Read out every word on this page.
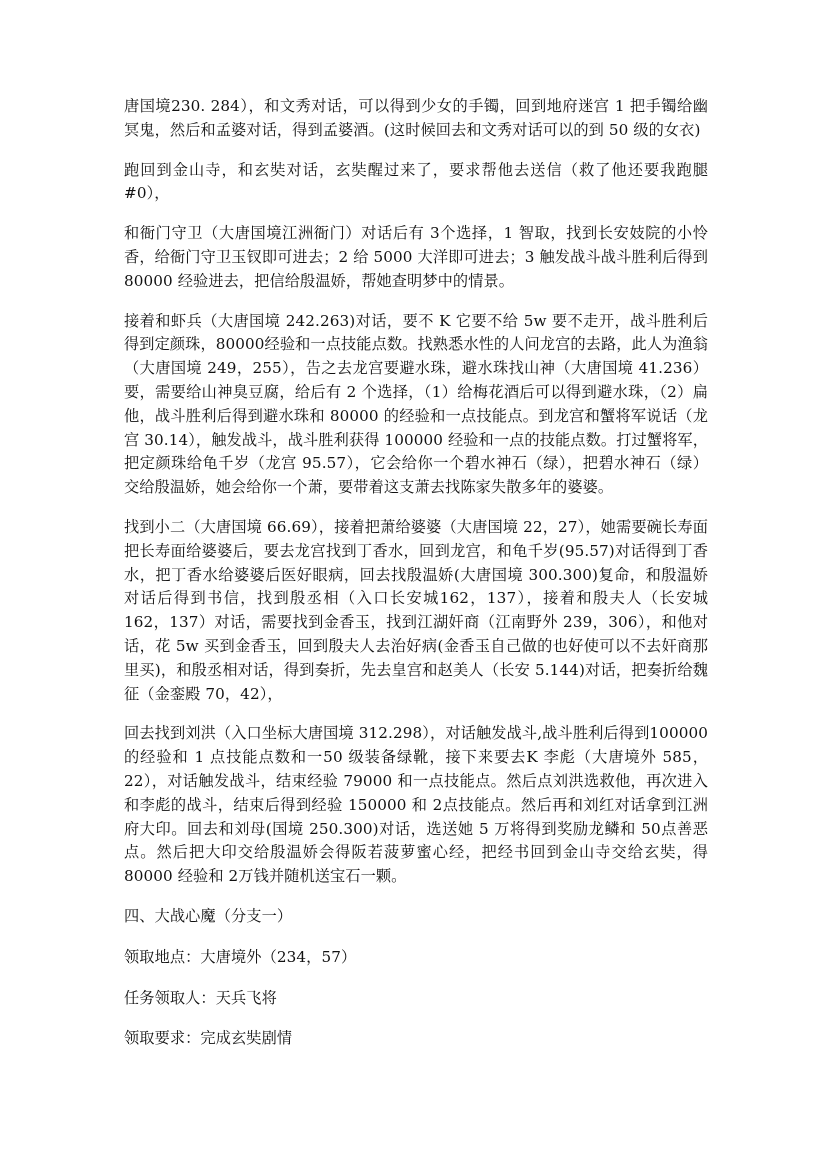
唐国境230. 284），和文秀对话，可以得到少女的手镯，回到地府迷宫 1 把手镯给幽冥鬼，然后和孟婆对话，得到孟婆酒。(这时候回去和文秀对话可以的到 50 级的女衣)

跑回到金山寺，和玄奘对话，玄奘醒过来了，要求帮他去送信（救了他还要我跑腿#0），

和衙门守卫（大唐国境江洲衙门）对话后有 3个选择，1 智取，找到长安妓院的小怜香，给衙门守卫玉钗即可进去；2 给 5000 大洋即可进去；3 触发战斗战斗胜利后得到 80000 经验进去，把信给殷温娇，帮她查明梦中的情景。

接着和虾兵（大唐国境 242.263)对话，要不 K 它要不给 5w 要不走开，战斗胜利后得到定颜珠，80000经验和一点技能点数。找熟悉水性的人问龙宫的去路，此人为渔翁（大唐国境 249，255），告之去龙宫要避水珠，避水珠找山神（大唐国境 41.236）要，需要给山神臭豆腐，给后有 2 个选择，（1）给梅花酒后可以得到避水珠，（2）扁他，战斗胜利后得到避水珠和 80000 的经验和一点技能点。到龙宫和蟹将军说话（龙宫 30.14），触发战斗，战斗胜利获得 100000 经验和一点的技能点数。打过蟹将军，把定颜珠给龟千岁（龙宫 95.57），它会给你一个碧水神石（绿），把碧水神石（绿）交给殷温娇，她会给你一个萧，要带着这支萧去找陈家失散多年的婆婆。

找到小二（大唐国境 66.69），接着把萧给婆婆（大唐国境 22，27），她需要碗长寿面把长寿面给婆婆后，要去龙宫找到丁香水，回到龙宫，和龟千岁(95.57)对话得到丁香水，把丁香水给婆婆后医好眼病，回去找殷温娇(大唐国境 300.300)复命，和殷温娇对话后得到书信，找到殷丞相（入口长安城162，137），接着和殷夫人（长安城 162，137）对话，需要找到金香玉，找到江湖奸商（江南野外 239，306），和他对话，花 5w 买到金香玉，回到殷夫人去治好病(金香玉自己做的也好使可以不去奸商那里买)，和殷丞相对话，得到奏折，先去皇宫和赵美人（长安 5.144)对话，把奏折给魏征（金銮殿 70，42），

回去找到刘洪（入口坐标大唐国境 312.298），对话触发战斗,战斗胜利后得到100000 的经验和 1 点技能点数和一50 级装备绿靴，接下来要去K 李彪（大唐境外 585，22），对话触发战斗，结束经验 79000 和一点技能点。然后点刘洪选救他，再次进入和李彪的战斗，结束后得到经验 150000 和 2点技能点。然后再和刘红对话拿到江洲府大印。回去和刘母(国境 250.300)对话，选送她 5 万将得到奖励龙鳞和 50点善恶点。然后把大印交给殷温娇会得阪若菠萝蜜心经，把经书回到金山寺交给玄奘，得 80000 经验和 2万钱并随机送宝石一颗。

四、大战心魔（分支一）

领取地点：大唐境外（234，57）

任务领取人：天兵飞将

领取要求：完成玄奘剧情
